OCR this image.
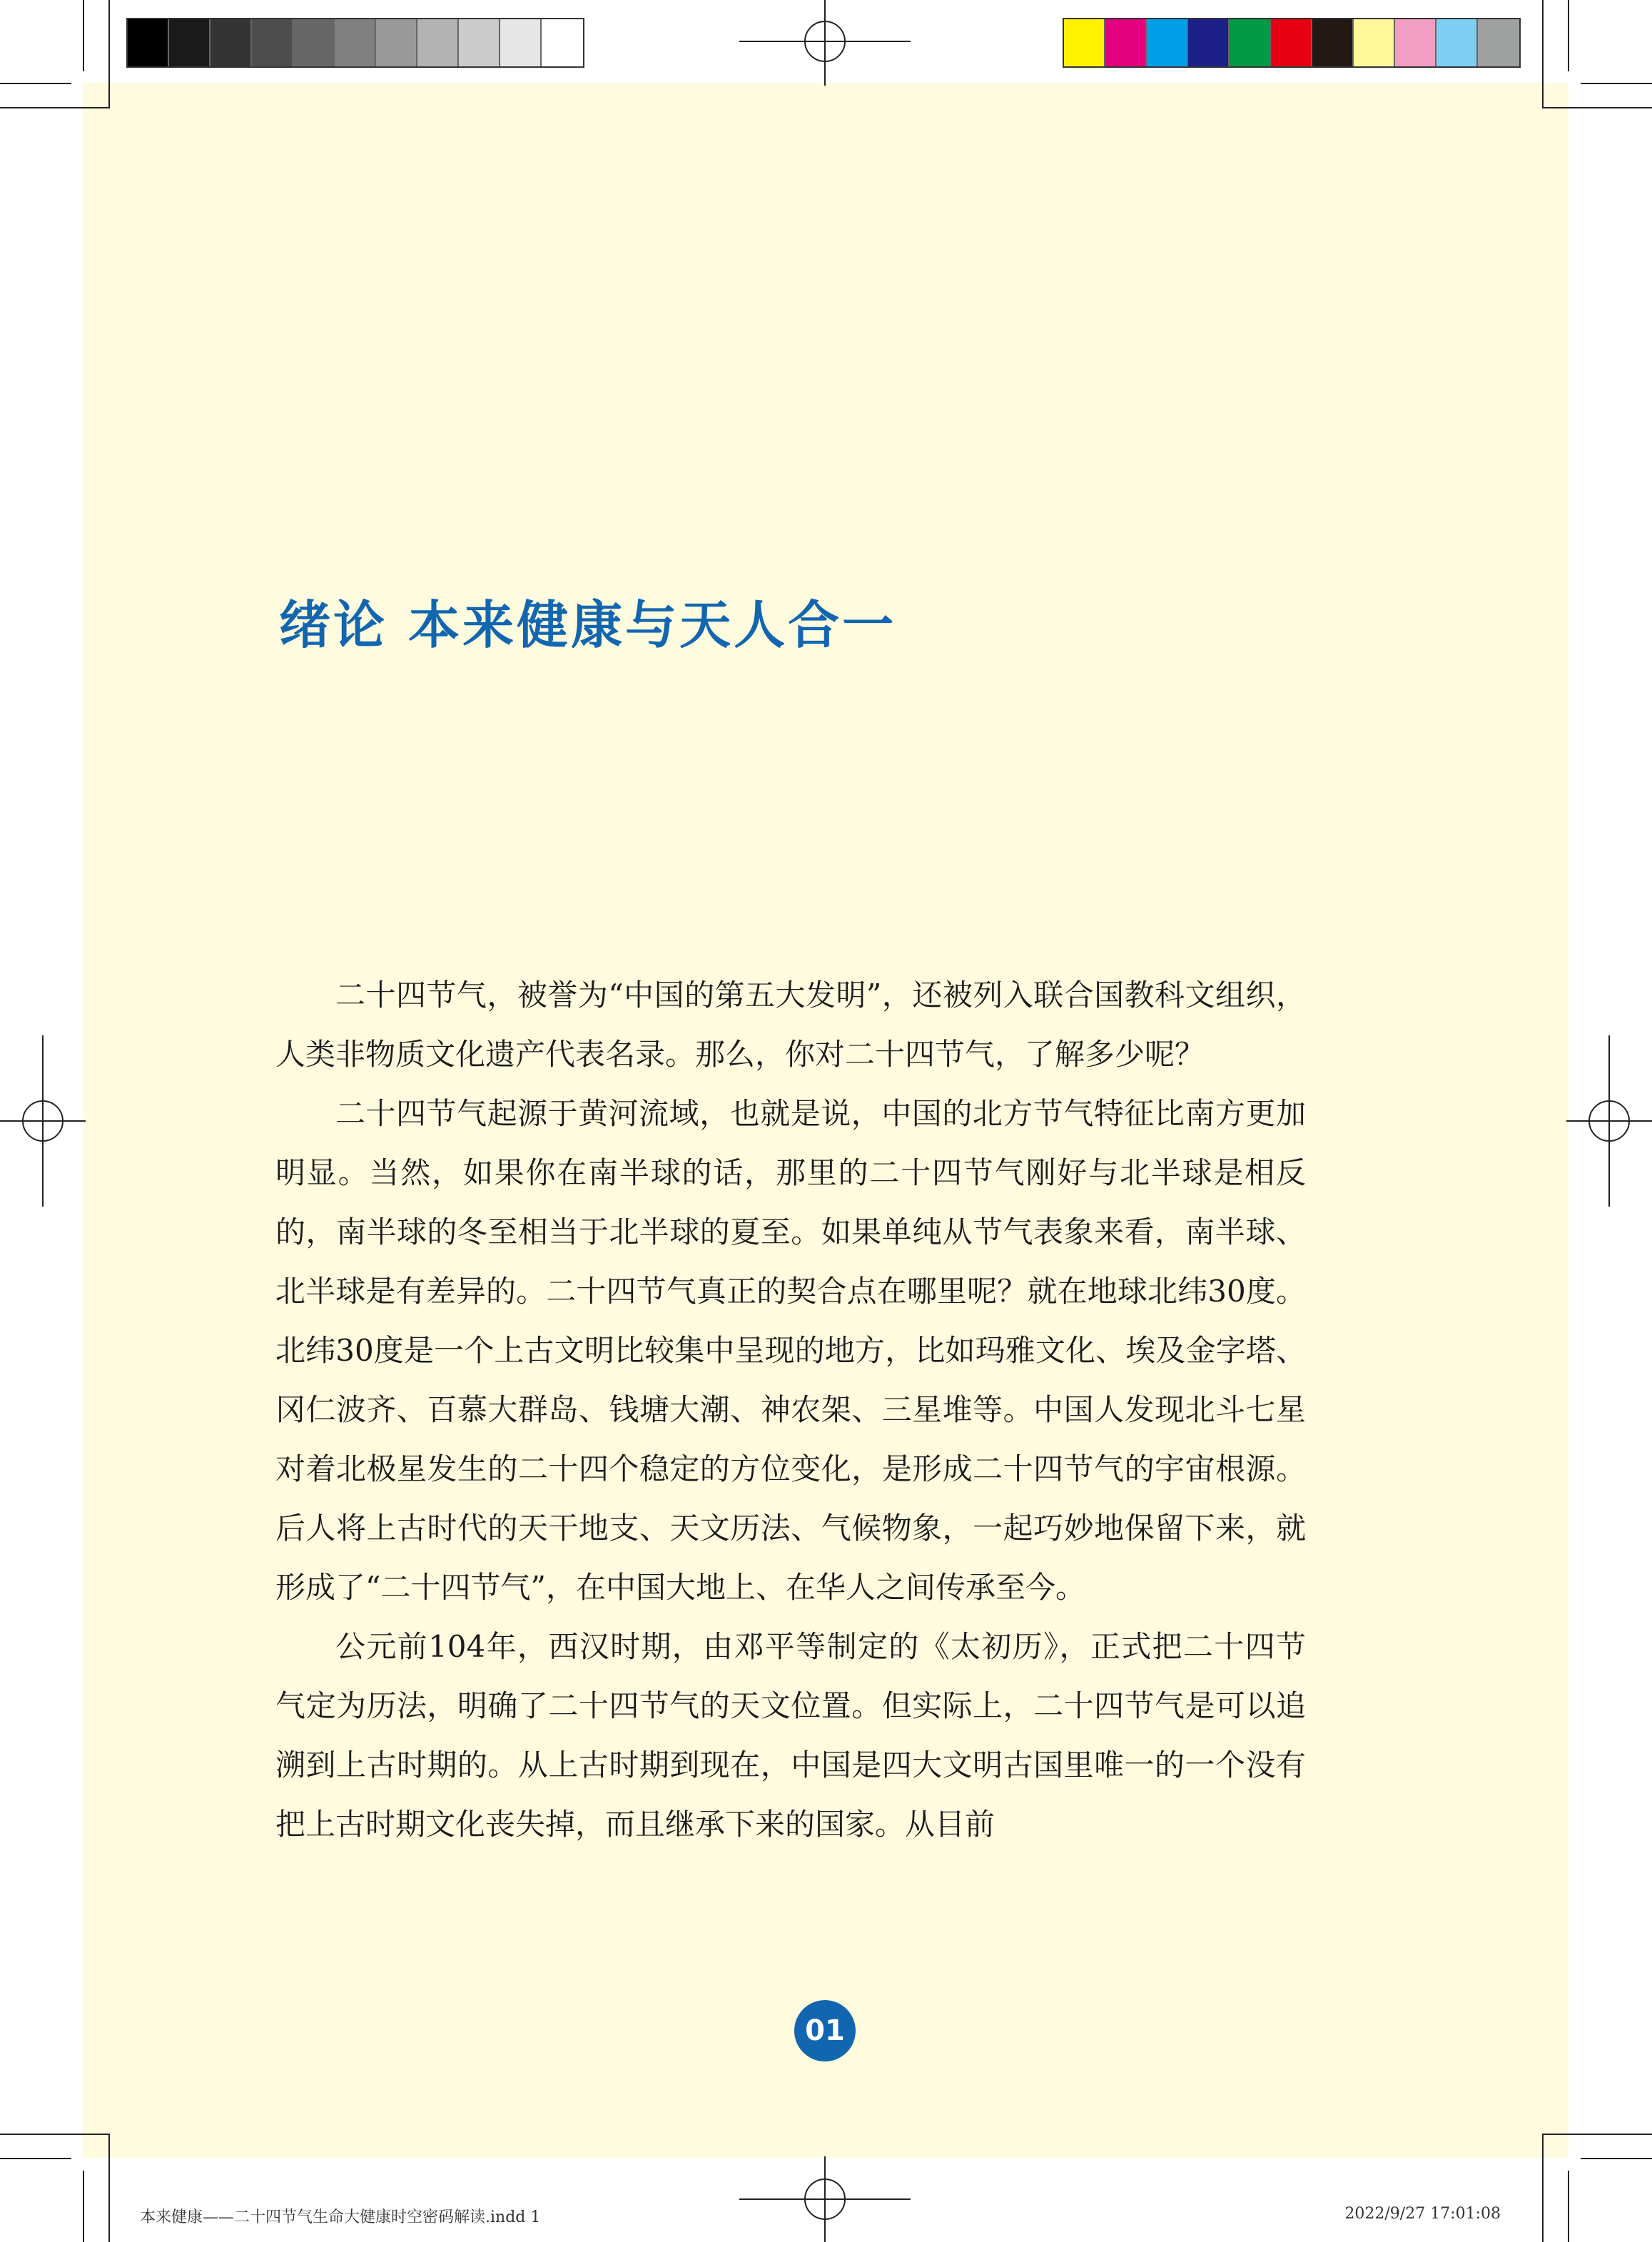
绪论 本来健康与天人合一

二十四节气，被誉为“中国的第五大发明”，还被列入联合国教科文组织，人类非物质文化遗产代表名录。那么，你对二十四节气，了解多少呢？

二十四节气起源于黄河流域，也就是说，中国的北方节气特征比南方更加明显。当然，如果你在南半球的话，那里的二十四节气刚好与北半球是相反的，南半球的冬至相当于北半球的夏至。如果单纯从节气表象来看，南半球、北半球是有差异的。二十四节气真正的契合点在哪里呢？就在地球北纬30度。北纬30度是一个上古文明比较集中呈现的地方，比如玛雅文化、埃及金字塔、冈仁波齐、百慕大群岛、钱塘大潮、神农架、三星堆等。中国人发现北斗七星对着北极星发生的二十四个稳定的方位变化，是形成二十四节气的宇宙根源。后人将上古时代的天干地支、天文历法、气候物象，一起巧妙地保留下来，就形成了“二十四节气”，在中国大地上、在华人之间传承至今。

公元前104年，西汉时期，由邓平等制定的《太初历》，正式把二十四节气定为历法，明确了二十四节气的天文位置。但实际上，二十四节气是可以追溯到上古时期的。从上古时期到现在，中国是四大文明古国里唯一的一个没有把上古时期文化丧失掉，而且继承下来的国家。从目前

01
本来健康——二十四节气生命大健康时空密码解读.indd 1	2022/9/27 17:01:08
